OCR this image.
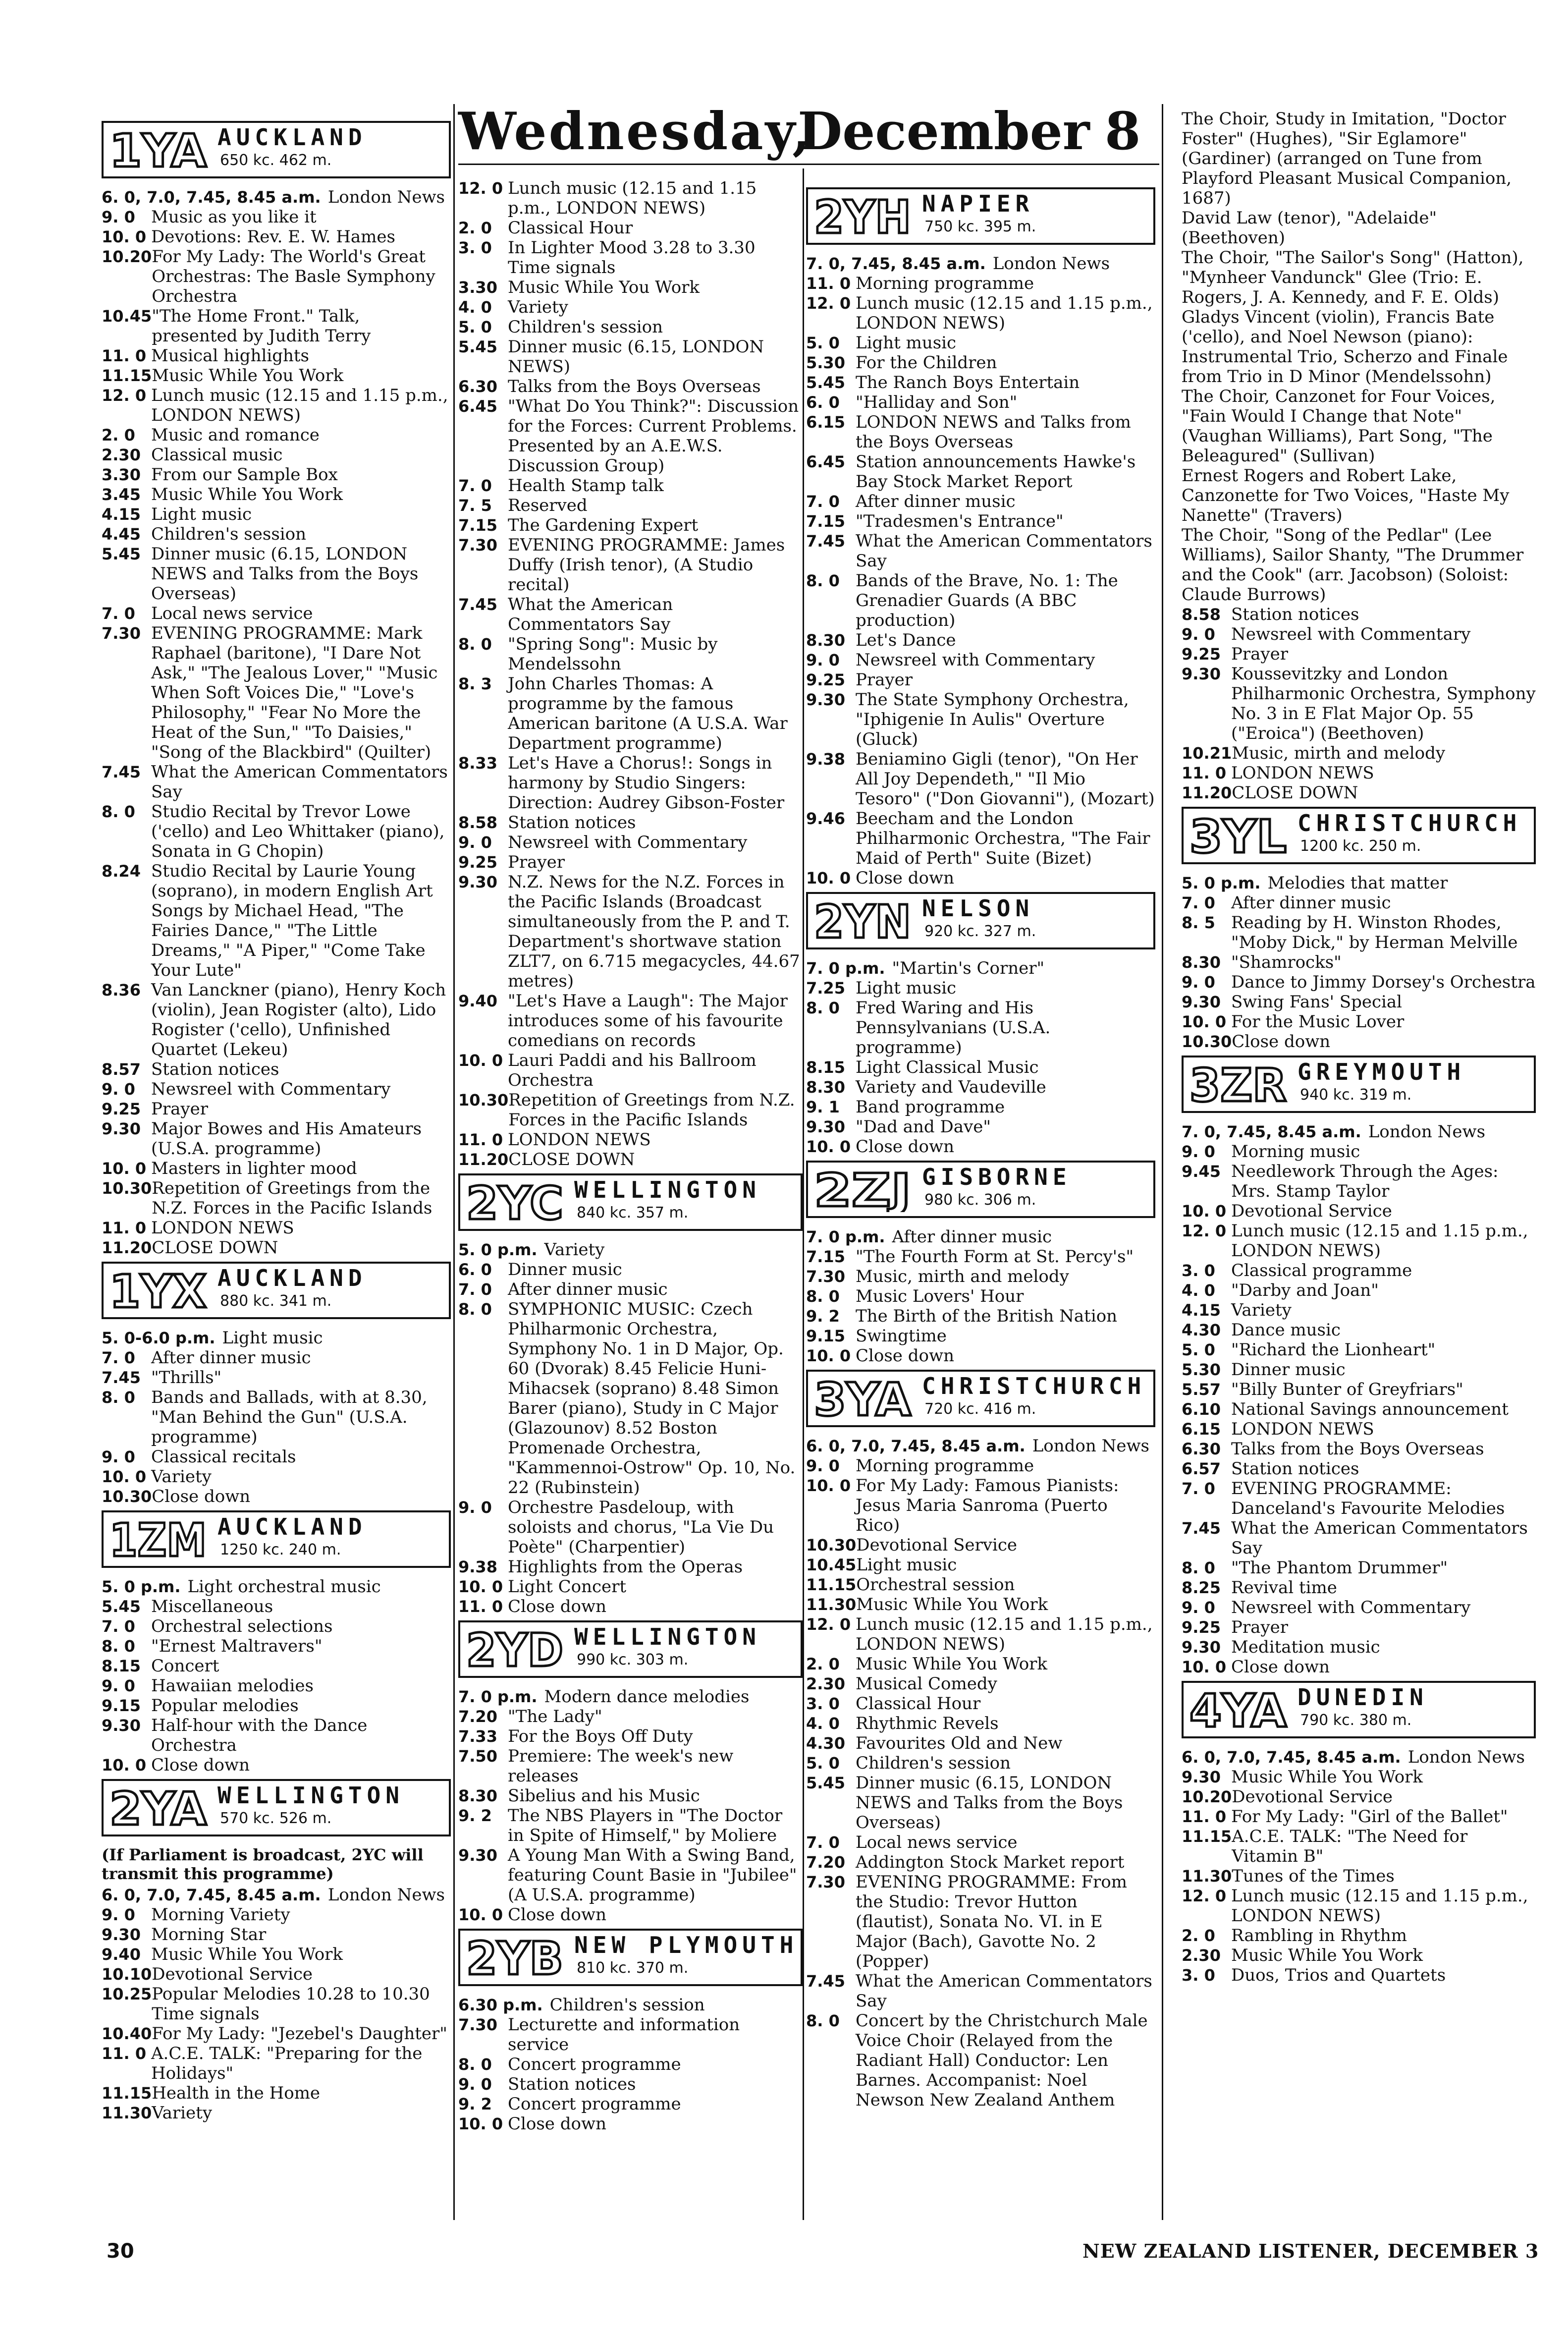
Wednesday,
December 8
1YA AUCKLAND
650 kc. 462 m.
6. 0, 7.0, 7.45, 8.45 a.m. London News
9. 0 Music as you like it
10. 0 Devotions: Rev. E. W. Hames
10.20 For My Lady: The World's Great Orchestras: The Basle Symphony Orchestra
10.45 "The Home Front." Talk, presented by Judith Terry
11. 0 Musical highlights
11.15 Music While You Work
12. 0 Lunch music (12.15 and 1.15 p.m., LONDON NEWS)
2. 0 Music and romance
2.30 Classical music
3.30 From our Sample Box
3.45 Music While You Work
4.15 Light music
4.45 Children's session
5.45 Dinner music (6.15, LONDON NEWS and Talks from the Boys Overseas)
7. 0 Local news service
7.30 EVENING PROGRAMME: Mark Raphael (baritone), "I Dare Not Ask," "The Jealous Lover," "Music When Soft Voices Die," "Love's Philosophy," "Fear No More the Heat of the Sun," "To Daisies," "Song of the Blackbird" (Quilter)
7.45 What the American Commentators Say
8. 0 Studio Recital by Trevor Lowe ('cello) and Leo Whittaker (piano), Sonata in G Chopin)
8.24 Studio Recital by Laurie Young (soprano), in modern English Art Songs by Michael Head, "The Fairies Dance," "The Little Dreams," "A Piper," "Come Take Your Lute"
8.36 Van Lanckner (piano), Henry Koch (violin), Jean Rogister (alto), Lido Rogister ('cello), Unfinished Quartet (Lekeu)
8.57 Station notices
9. 0 Newsreel with Commentary
9.25 Prayer
9.30 Major Bowes and His Amateurs (U.S.A. programme)
10. 0 Masters in lighter mood
10.30 Repetition of Greetings from the N.Z. Forces in the Pacific Islands
11. 0 LONDON NEWS
11.20 CLOSE DOWN
1YX AUCKLAND
880 kc. 341 m.
5. 0-6.0 p.m. Light music
7. 0 After dinner music
7.45 "Thrills"
8. 0 Bands and Ballads, with at 8.30, "Man Behind the Gun" (U.S.A. programme)
9. 0 Classical recitals
10. 0 Variety
10.30 Close down
1ZM AUCKLAND
1250 kc. 240 m.
5. 0 p.m. Light orchestral music
5.45 Miscellaneous
7. 0 Orchestral selections
8. 0 "Ernest Maltravers"
8.15 Concert
9. 0 Hawaiian melodies
9.15 Popular melodies
9.30 Half-hour with the Dance Orchestra
10. 0 Close down
2YA WELLINGTON
570 kc. 526 m.
(If Parliament is broadcast, 2YC will transmit this programme)
6. 0, 7.0, 7.45, 8.45 a.m. London News
9. 0 Morning Variety
9.30 Morning Star
9.40 Music While You Work
10.10 Devotional Service
10.25 Popular Melodies 10.28 to 10.30 Time signals
10.40 For My Lady: "Jezebel's Daughter"
11. 0 A.C.E. TALK: "Preparing for the Holidays"
11.15 Health in the Home
11.30 Variety
12. 0 Lunch music (12.15 and 1.15 p.m., LONDON NEWS)
2. 0 Classical Hour
3. 0 In Lighter Mood 3.28 to 3.30 Time signals
3.30 Music While You Work
4. 0 Variety
5. 0 Children's session
5.45 Dinner music (6.15, LONDON NEWS)
6.30 Talks from the Boys Overseas
6.45 "What Do You Think?": Discussion for the Forces: Current Problems. Presented by an A.E.W.S. Discussion Group)
7. 0 Health Stamp talk
7. 5 Reserved
7.15 The Gardening Expert
7.30 EVENING PROGRAMME: James Duffy (Irish tenor), (A Studio recital)
7.45 What the American Commentators Say
8. 0 "Spring Song": Music by Mendelssohn
8. 3 John Charles Thomas: A programme by the famous American baritone (A U.S.A. War Department programme)
8.33 Let's Have a Chorus!: Songs in harmony by Studio Singers: Direction: Audrey Gibson-Foster
8.58 Station notices
9. 0 Newsreel with Commentary
9.25 Prayer
9.30 N.Z. News for the N.Z. Forces in the Pacific Islands (Broadcast simultaneously from the P. and T. Department's shortwave station ZLT7, on 6.715 megacycles, 44.67 metres)
9.40 "Let's Have a Laugh": The Major introduces some of his favourite comedians on records
10. 0 Lauri Paddi and his Ballroom Orchestra
10.30 Repetition of Greetings from N.Z. Forces in the Pacific Islands
11. 0 LONDON NEWS
11.20 CLOSE DOWN
2YC WELLINGTON
840 kc. 357 m.
5. 0 p.m. Variety
6. 0 Dinner music
7. 0 After dinner music
8. 0 SYMPHONIC MUSIC: Czech Philharmonic Orchestra, Symphony No. 1 in D Major, Op. 60 (Dvorak) 8.45 Felicie Huni-Mihacsek (soprano) 8.48 Simon Barer (piano), Study in C Major (Glazounov) 8.52 Boston Promenade Orchestra, "Kammennoi-Ostrow" Op. 10, No. 22 (Rubinstein)
9. 0 Orchestre Pasdeloup, with soloists and chorus, "La Vie Du Poète" (Charpentier)
9.38 Highlights from the Operas
10. 0 Light Concert
11. 0 Close down
2YD WELLINGTON
990 kc. 303 m.
7. 0 p.m. Modern dance melodies
7.20 "The Lady"
7.33 For the Boys Off Duty
7.50 Premiere: The week's new releases
8.30 Sibelius and his Music
9. 2 The NBS Players in "The Doctor in Spite of Himself," by Moliere
9.30 A Young Man With a Swing Band, featuring Count Basie in "Jubilee" (A U.S.A. programme)
10. 0 Close down
2YB NEW PLYMOUTH
810 kc. 370 m.
6.30 p.m. Children's session
7.30 Lecturette and information service
8. 0 Concert programme
9. 0 Station notices
9. 2 Concert programme
10. 0 Close down
2YH NAPIER
750 kc. 395 m.
7. 0, 7.45, 8.45 a.m. London News
11. 0 Morning programme
12. 0 Lunch music (12.15 and 1.15 p.m., LONDON NEWS)
5. 0 Light music
5.30 For the Children
5.45 The Ranch Boys Entertain
6. 0 "Halliday and Son"
6.15 LONDON NEWS and Talks from the Boys Overseas
6.45 Station announcements Hawke's Bay Stock Market Report
7. 0 After dinner music
7.15 "Tradesmen's Entrance"
7.45 What the American Commentators Say
8. 0 Bands of the Brave, No. 1: The Grenadier Guards (A BBC production)
8.30 Let's Dance
9. 0 Newsreel with Commentary
9.25 Prayer
9.30 The State Symphony Orchestra, "Iphigenie In Aulis" Overture (Gluck)
9.38 Beniamino Gigli (tenor), "On Her All Joy Dependeth," "Il Mio Tesoro" ("Don Giovanni"), (Mozart)
9.46 Beecham and the London Philharmonic Orchestra, "The Fair Maid of Perth" Suite (Bizet)
10. 0 Close down
2YN NELSON
920 kc. 327 m.
7. 0 p.m. "Martin's Corner"
7.25 Light music
8. 0 Fred Waring and His Pennsylvanians (U.S.A. programme)
8.15 Light Classical Music
8.30 Variety and Vaudeville
9. 1 Band programme
9.30 "Dad and Dave"
10. 0 Close down
2ZJ GISBORNE
980 kc. 306 m.
7. 0 p.m. After dinner music
7.15 "The Fourth Form at St. Percy's"
7.30 Music, mirth and melody
8. 0 Music Lovers' Hour
9. 2 The Birth of the British Nation
9.15 Swingtime
10. 0 Close down
3YA CHRISTCHURCH
720 kc. 416 m.
6. 0, 7.0, 7.45, 8.45 a.m. London News
9. 0 Morning programme
10. 0 For My Lady: Famous Pianists: Jesus Maria Sanroma (Puerto Rico)
10.30 Devotional Service
10.45 Light music
11.15 Orchestral session
11.30 Music While You Work
12. 0 Lunch music (12.15 and 1.15 p.m., LONDON NEWS)
2. 0 Music While You Work
2.30 Musical Comedy
3. 0 Classical Hour
4. 0 Rhythmic Revels
4.30 Favourites Old and New
5. 0 Children's session
5.45 Dinner music (6.15, LONDON NEWS and Talks from the Boys Overseas)
7. 0 Local news service
7.20 Addington Stock Market report
7.30 EVENING PROGRAMME: From the Studio: Trevor Hutton (flautist), Sonata No. VI. in E Major (Bach), Gavotte No. 2 (Popper)
7.45 What the American Commentators Say
8. 0 Concert by the Christchurch Male Voice Choir (Relayed from the Radiant Hall) Conductor: Len Barnes. Accompanist: Noel Newson New Zealand Anthem
The Choir, Study in Imitation, "Doctor Foster" (Hughes), "Sir Eglamore" (Gardiner) (arranged on Tune from Playford Pleasant Musical Companion, 1687)
David Law (tenor), "Adelaide" (Beethoven)
The Choir, "The Sailor's Song" (Hatton), "Mynheer Vandunck" Glee (Trio: E. Rogers, J. A. Kennedy, and F. E. Olds)
Gladys Vincent (violin), Francis Bate ('cello), and Noel Newson (piano): Instrumental Trio, Scherzo and Finale from Trio in D Minor (Mendelssohn)
The Choir, Canzonet for Four Voices, "Fain Would I Change that Note" (Vaughan Williams), Part Song, "The Beleagured" (Sullivan)
Ernest Rogers and Robert Lake, Canzonette for Two Voices, "Haste My Nanette" (Travers)
The Choir, "Song of the Pedlar" (Lee Williams), Sailor Shanty, "The Drummer and the Cook" (arr. Jacobson) (Soloist: Claude Burrows)
8.58 Station notices
9. 0 Newsreel with Commentary
9.25 Prayer
9.30 Koussevitzky and London Philharmonic Orchestra, Symphony No. 3 in E Flat Major Op. 55 ("Eroica") (Beethoven)
10.21 Music, mirth and melody
11. 0 LONDON NEWS
11.20 CLOSE DOWN
3YL CHRISTCHURCH
1200 kc. 250 m.
5. 0 p.m. Melodies that matter
7. 0 After dinner music
8. 5 Reading by H. Winston Rhodes, "Moby Dick," by Herman Melville
8.30 "Shamrocks"
9. 0 Dance to Jimmy Dorsey's Orchestra
9.30 Swing Fans' Special
10. 0 For the Music Lover
10.30 Close down
3ZR GREYMOUTH
940 kc. 319 m.
7. 0, 7.45, 8.45 a.m. London News
9. 0 Morning music
9.45 Needlework Through the Ages: Mrs. Stamp Taylor
10. 0 Devotional Service
12. 0 Lunch music (12.15 and 1.15 p.m., LONDON NEWS)
3. 0 Classical programme
4. 0 "Darby and Joan"
4.15 Variety
4.30 Dance music
5. 0 "Richard the Lionheart"
5.30 Dinner music
5.57 "Billy Bunter of Greyfriars"
6.10 National Savings announcement
6.15 LONDON NEWS
6.30 Talks from the Boys Overseas
6.57 Station notices
7. 0 EVENING PROGRAMME: Danceland's Favourite Melodies
7.45 What the American Commentators Say
8. 0 "The Phantom Drummer"
8.25 Revival time
9. 0 Newsreel with Commentary
9.25 Prayer
9.30 Meditation music
10. 0 Close down
4YA DUNEDIN
790 kc. 380 m.
6. 0, 7.0, 7.45, 8.45 a.m. London News
9.30 Music While You Work
10.20 Devotional Service
11. 0 For My Lady: "Girl of the Ballet"
11.15 A.C.E. TALK: "The Need for Vitamin B"
11.30 Tunes of the Times
12. 0 Lunch music (12.15 and 1.15 p.m., LONDON NEWS)
2. 0 Rambling in Rhythm
2.30 Music While You Work
3. 0 Duos, Trios and Quartets
30	NEW ZEALAND LISTENER, DECEMBER 3
